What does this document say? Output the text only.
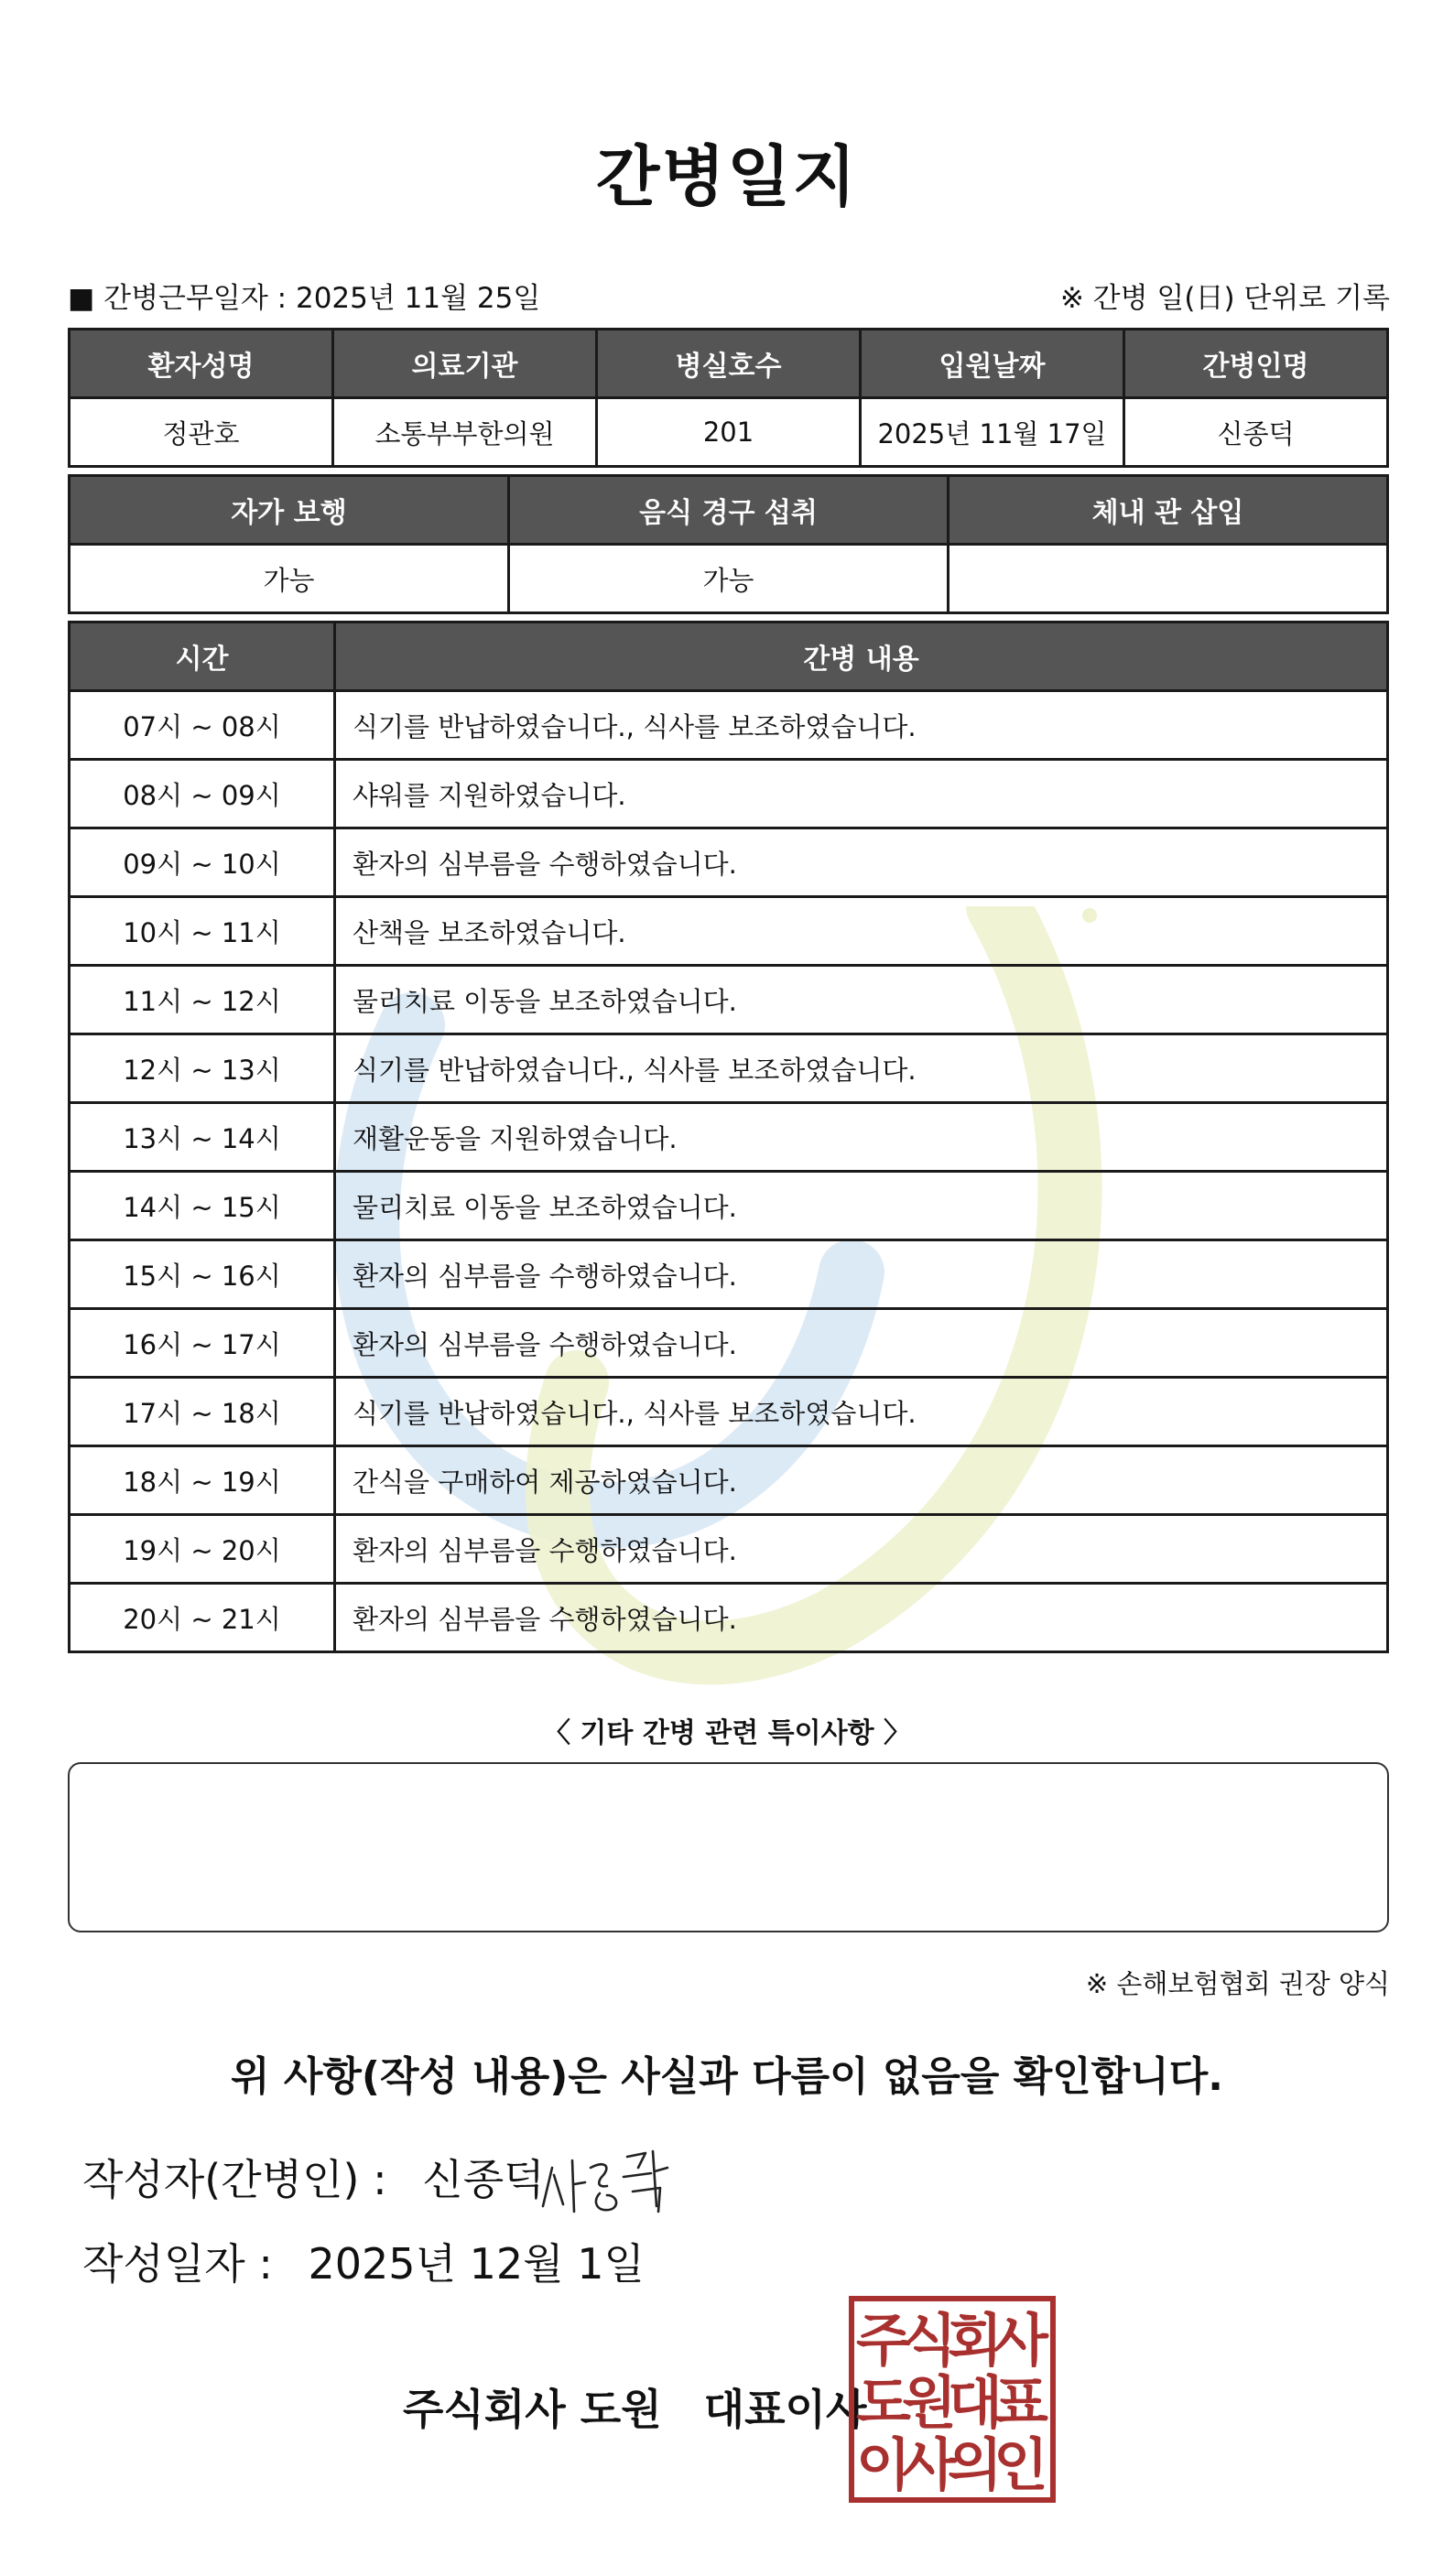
간병일지
■ 간병근무일자 : 2025년 11월 25일	※ 간병 일(日) 단위로 기록
환자성명	의료기관	병실호수	입원날짜	간병인명
정관호	소통부부한의원	201	2025년 11월 17일	신종덕
자가 보행	음식 경구 섭취	체내 관 삽입
가능	가능	
시간	간병 내용
07시 ~ 08시	식기를 반납하였습니다., 식사를 보조하였습니다.
08시 ~ 09시	샤워를 지원하였습니다.
09시 ~ 10시	환자의 심부름을 수행하였습니다.
10시 ~ 11시	산책을 보조하였습니다.
11시 ~ 12시	물리치료 이동을 보조하였습니다.
12시 ~ 13시	식기를 반납하였습니다., 식사를 보조하였습니다.
13시 ~ 14시	재활운동을 지원하였습니다.
14시 ~ 15시	물리치료 이동을 보조하였습니다.
15시 ~ 16시	환자의 심부름을 수행하였습니다.
16시 ~ 17시	환자의 심부름을 수행하였습니다.
17시 ~ 18시	식기를 반납하였습니다., 식사를 보조하였습니다.
18시 ~ 19시	간식을 구매하여 제공하였습니다.
19시 ~ 20시	환자의 심부름을 수행하였습니다.
20시 ~ 21시	환자의 심부름을 수행하였습니다.
〈 기타 간병 관련 특이사항 〉
※ 손해보험협회 권장 양식
위 사항(작성 내용)은 사실과 다름이 없음을 확인합니다.
작성자(간병인) : 신종덕
작성일자 : 2025년 12월 1일
주식회사 도원 대표이사
주
식
회
사
도
원
대
표
이
사
의
인
